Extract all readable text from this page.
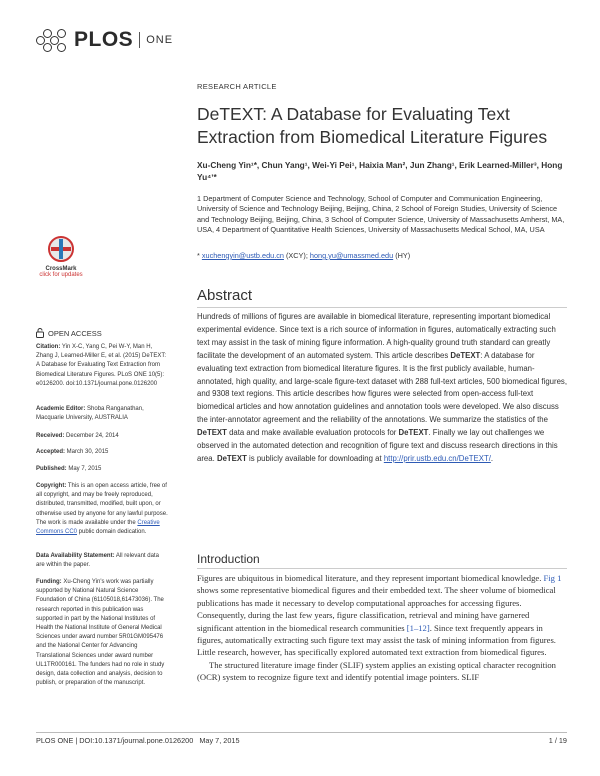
PLOS ONE
RESEARCH ARTICLE
DeTEXT: A Database for Evaluating Text Extraction from Biomedical Literature Figures
Xu-Cheng Yin¹*, Chun Yang¹, Wei-Yi Pei¹, Haixia Man², Jun Zhang¹, Erik Learned-Miller³, Hong Yu⁴ʼ*
1 Department of Computer Science and Technology, School of Computer and Communication Engineering, University of Science and Technology Beijing, Beijing, China, 2 School of Foreign Studies, University of Science and Technology Beijing, Beijing, China, 3 School of Computer Science, University of Massachusetts Amherst, MA, USA, 4 Department of Quantitative Health Sciences, University of Massachusetts Medical School, MA, USA
* xuchengyin@ustb.edu.cn (XCY); hong.yu@umassmed.edu (HY)
CrossMark
click for updates
Abstract
Hundreds of millions of figures are available in biomedical literature, representing important biomedical experimental evidence. Since text is a rich source of information in figures, automatically extracting such text may assist in the task of mining figure information. A high-quality ground truth standard can greatly facilitate the development of an automated system. This article describes DeTEXT: A database for evaluating text extraction from biomedical literature figures. It is the first publicly available, human-annotated, high quality, and large-scale figure-text dataset with 288 full-text articles, 500 biomedical figures, and 9308 text regions. This article describes how figures were selected from open-access full-text biomedical articles and how annotation guidelines and annotation tools were developed. We also discuss the inter-annotator agreement and the reliability of the annotations. We summarize the statistics of the DeTEXT data and make available evaluation protocols for DeTEXT. Finally we lay out challenges we observed in the automated detection and recognition of figure text and discuss research directions in this area. DeTEXT is publicly available for downloading at http://prir.ustb.edu.cn/DeTEXT/.
OPEN ACCESS
Citation: Yin X-C, Yang C, Pei W-Y, Man H, Zhang J, Learned-Miller E, et al. (2015) DeTEXT: A Database for Evaluating Text Extraction from Biomedical Literature Figures. PLoS ONE 10(5): e0126200. doi:10.1371/journal.pone.0126200
Academic Editor: Shoba Ranganathan, Macquarie University, AUSTRALIA
Received: December 24, 2014
Accepted: March 30, 2015
Published: May 7, 2015
Copyright: This is an open access article, free of all copyright, and may be freely reproduced, distributed, transmitted, modified, built upon, or otherwise used by anyone for any lawful purpose. The work is made available under the Creative Commons CC0 public domain dedication.
Data Availability Statement: All relevant data are within the paper.
Funding: Xu-Cheng Yin's work was partially supported by National Natural Science Foundation of China (61105018,61473036). The research reported in this publication was supported in part by the National Institutes of Health the National Institute of General Medical Sciences under award number 5R01GM095476 and the National Center for Advancing Translational Sciences under award number UL1TR000161. The funders had no role in study design, data collection and analysis, decision to publish, or preparation of the manuscript.
Introduction

Figures are ubiquitous in biomedical literature, and they represent important biomedical knowledge. Fig 1 shows some representative biomedical figures and their embedded text. The sheer volume of biomedical publications has made it necessary to develop computational approaches for accessing figures. Consequently, during the last few years, figure classification, retrieval and mining have garnered significant attention in the biomedical research communities [1–12]. Since text frequently appears in figures, automatically extracting such figure text may assist the task of mining information from figures. Little research, however, has specifically explored automated text extraction from biomedical figures.

The structured literature image finder (SLIF) system applies an existing optical character recognition (OCR) system to recognize figure text and identify potential image pointers. SLIF

PLOS ONE | DOI:10.1371/journal.pone.0126200   May 7, 2015	1 / 19
